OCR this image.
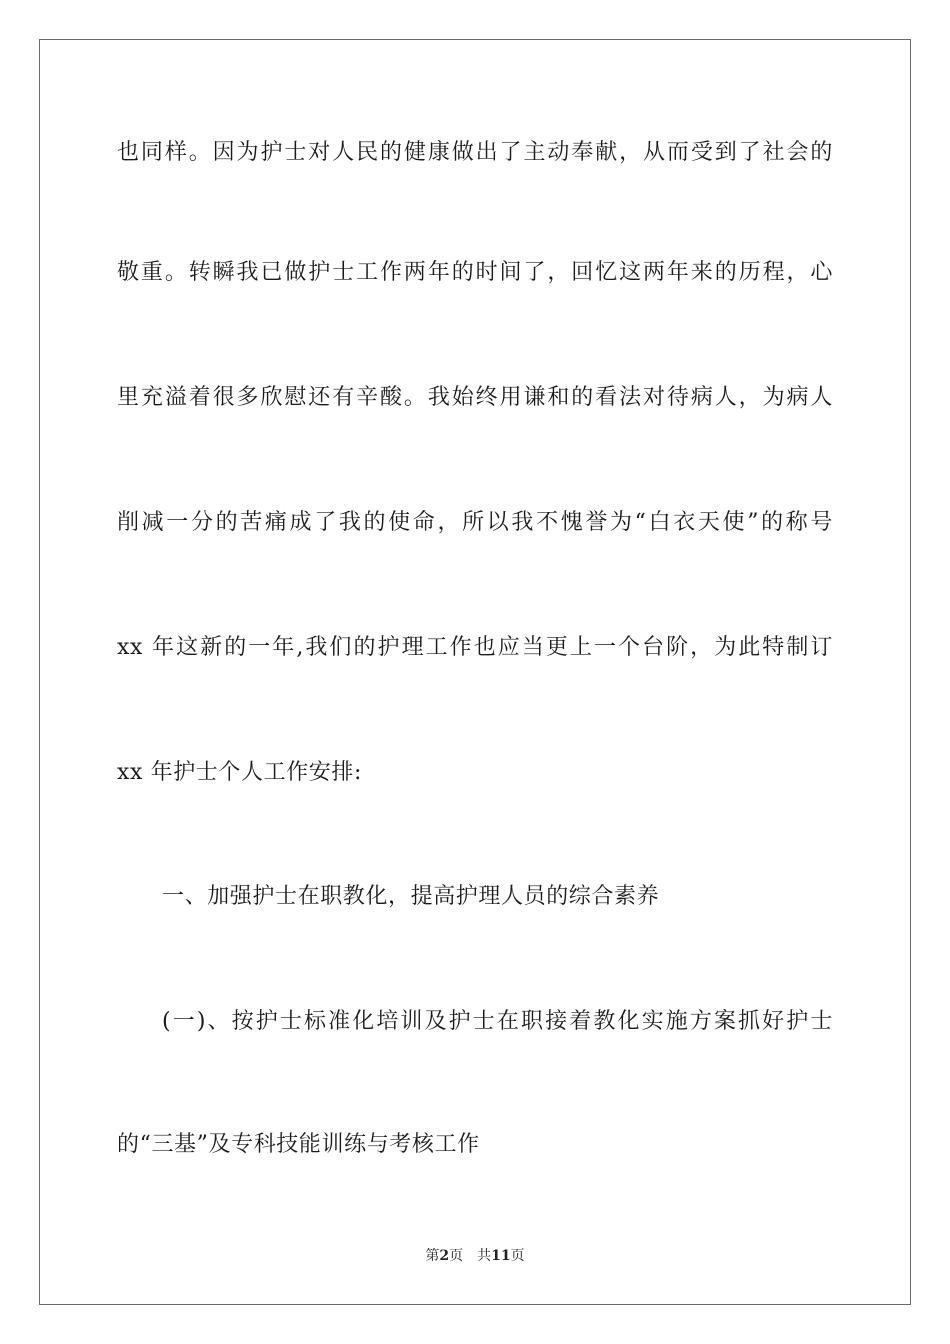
也同样。因为护士对人民的健康做出了主动奉献，从而受到了社会的
敬重。转瞬我已做护士工作两年的时间了，回忆这两年来的历程，心
里充溢着很多欣慰还有辛酸。我始终用谦和的看法对待病人，为病人
削减一分的苦痛成了我的使命，所以我不愧誉为“白衣天使”的称号
xx 年这新的一年,我们的护理工作也应当更上一个台阶，为此特制订
xx 年护士个人工作安排:
一、加强护士在职教化，提高护理人员的综合素养
(一)、按护士标准化培训及护士在职接着教化实施方案抓好护士
的“三基”及专科技能训练与考核工作
第2页 共11页
